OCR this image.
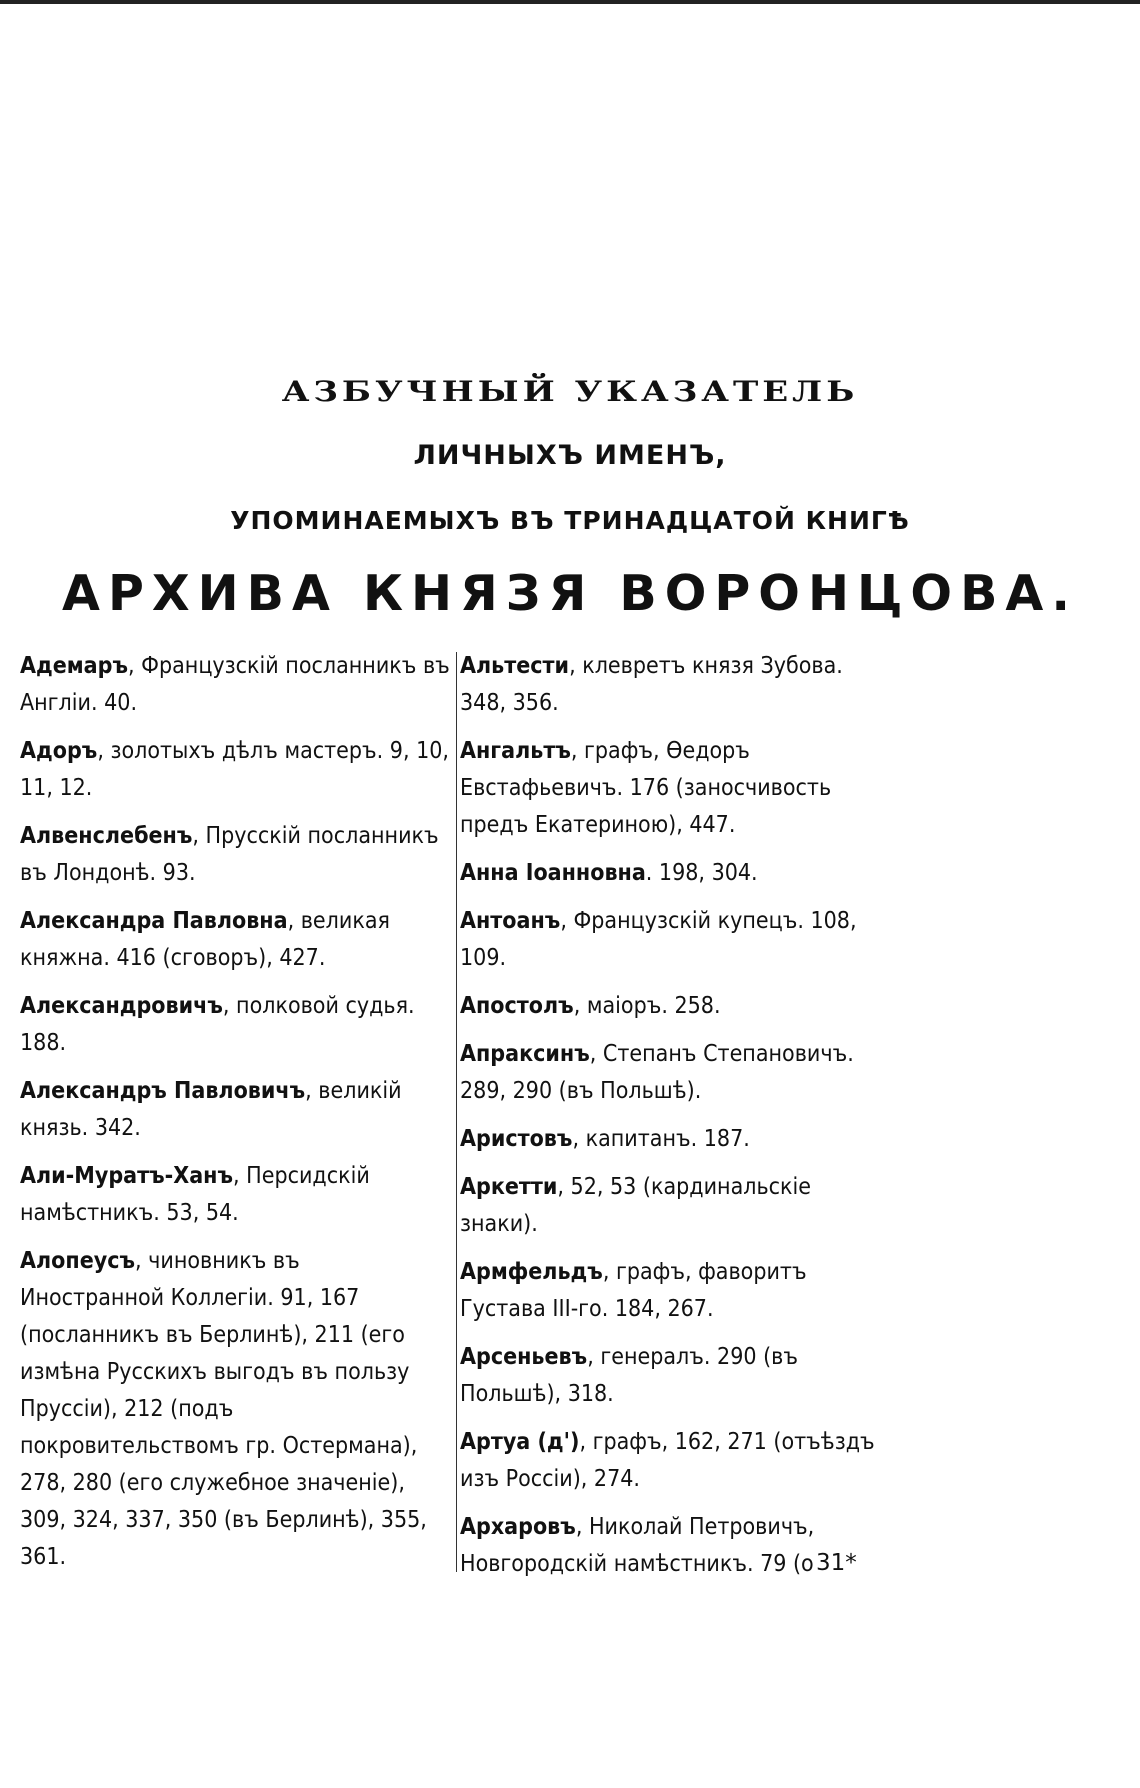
АЗБУЧНЫЙ УКАЗАТЕЛЬ
ЛИЧНЫХЪ ИМЕНЪ,
УПОМИНАЕМЫХЪ ВЪ ТРИНАДЦАТОЙ КНИГѢ
АРХИВА КНЯЗЯ ВОРОНЦОВА.
Адемаръ, Французскій посланникъ въ Англіи. 40.
Адоръ, золотыхъ дѣлъ мастеръ. 9, 10, 11, 12.
Алвенслебенъ, Прусскій посланникъ въ Лондонѣ. 93.
Александра Павловна, великая княжна. 416 (сговоръ), 427.
Александровичъ, полковой судья. 188.
Александръ Павловичъ, великій князь. 342.
Али-Муратъ-Ханъ, Персидскій намѣстникъ. 53, 54.
Алопеусъ, чиновникъ въ Иностранной Коллегіи. 91, 167 (посланникъ въ Берлинѣ), 211 (его измѣна Русскихъ выгодъ въ пользу Пруссіи), 212 (подъ покровительствомъ гр. Остермана), 278, 280 (его служебное значеніе), 309, 324, 337, 350 (въ Берлинѣ), 355, 361.
Альтести, клевретъ князя Зубова. 348, 356.
Ангальтъ, графъ, Ѳедоръ Евстафьевичъ. 176 (заносчивость предъ Екатериною), 447.
Анна Іоанновна. 198, 304.
Антоанъ, Французскій купецъ. 108, 109.
Апостолъ, маіоръ. 258.
Апраксинъ, Степанъ Степановичъ. 289, 290 (въ Польшѣ).
Аристовъ, капитанъ. 187.
Аркетти, 52, 53 (кардинальскіе знаки).
Армфельдъ, графъ, фаворитъ Густава III-го. 184, 267.
Арсеньевъ, генералъ. 290 (въ Польшѣ), 318.
Артуа (д'), графъ, 162, 271 (отъѣздъ изъ Россіи), 274.
Архаровъ, Николай Петровичъ, Новгородскій намѣстникъ. 79 (о 31*
